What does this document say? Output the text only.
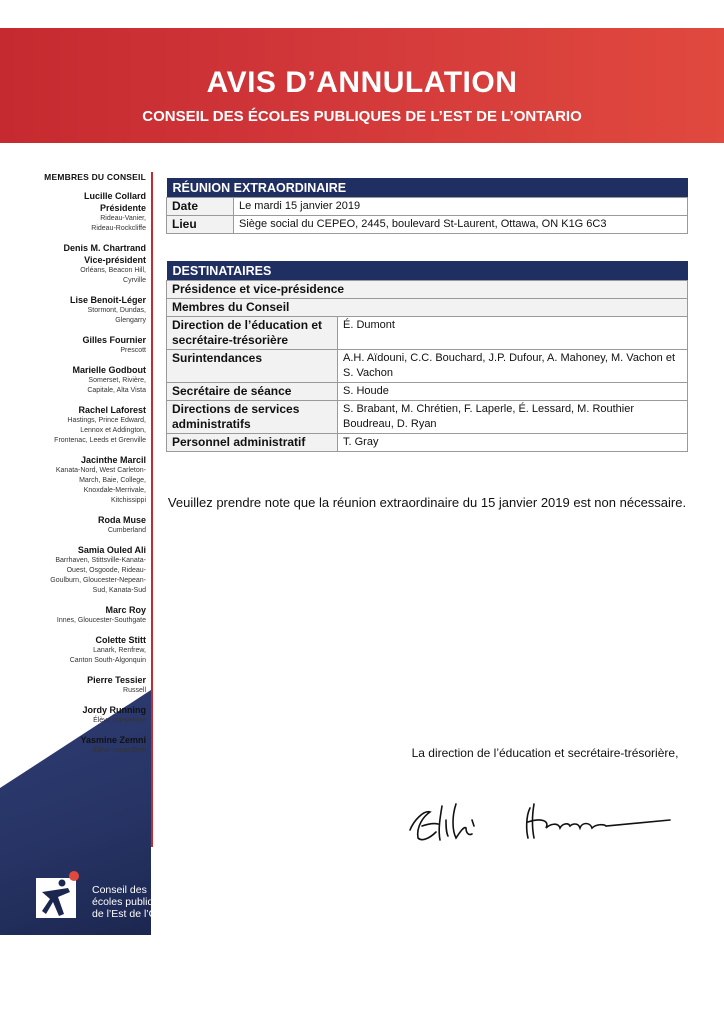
AVIS D’ANNULATION
CONSEIL DES ÉCOLES PUBLIQUES DE L’EST DE L’ONTARIO
MEMBRES DU CONSEIL
Lucille Collard
Présidente
Rideau-Vanier,
Rideau-Rockcliffe
Denis M. Chartrand
Vice-président
Orléans, Beacon Hill,
Cyrville
Lise Benoit-Léger
Stormont, Dundas,
Glengarry
Gilles Fournier
Prescott
Marielle Godbout
Somerset, Rivière,
Capitale, Alta Vista
Rachel Laforest
Hastings, Prince Edward,
Lennox et Addington,
Frontenac, Leeds et Grenville
Jacinthe Marcil
Kanata-Nord, West Carleton-
March, Baie, College,
Knoxdale-Merrivale,
Kitchissippi
Roda Muse
Cumberland
Samia Ouled Ali
Barrhaven, Stittsville-Kanata-
Ouest, Osgoode, Rideau-
Goulburn, Gloucester-Nepean-
Sud, Kanata-Sud
Marc Roy
Innes, Gloucester-Southgate
Colette Stitt
Lanark, Renfrew,
Canton South-Algonquin
Pierre Tessier
Russell
Jordy Running
Élève conseillère
Yasmine Zemni
Élève conseillère
Conseil des
écoles publiques
de l’Est de l’Ontario
RÉUNION EXTRAORDINAIRE	
Date	Le mardi 15 janvier 2019
Lieu	Siège social du CEPEO, 2445, boulevard St-Laurent, Ottawa, ON K1G 6C3
DESTINATAIRES	
Présidence et vice-présidence	
Membres du Conseil	
Direction de l’éducation et secrétaire-trésorière	É. Dumont
Surintendances	A.H. Aïdouni, C.C. Bouchard, J.P. Dufour, A. Mahoney, M. Vachon et S. Vachon
Secrétaire de séance	S. Houde
Directions de services administratifs	S. Brabant, M. Chrétien, F. Laperle, É. Lessard, M. Routhier Boudreau, D. Ryan
Personnel administratif	T. Gray
Veuillez prendre note que la réunion extraordinaire du 15 janvier 2019 est non nécessaire.
La direction de l’éducation et secrétaire-trésorière,
